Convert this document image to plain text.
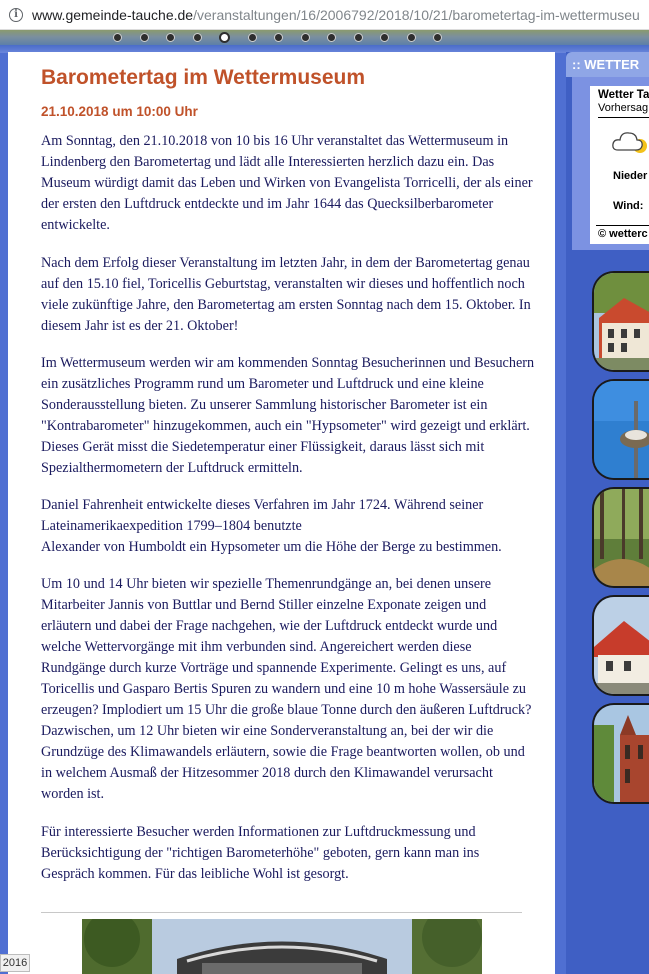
i	www.gemeinde-tauche.de/veranstaltungen/16/2006792/2018/10/21/barometertag-im-wettermuseu
Barometertag im Wettermuseum
21.10.2018 um 10:00 Uhr

Am Sonntag, den 21.10.2018 von 10 bis 16 Uhr veranstaltet das Wettermuseum in Lindenberg den Barometertag und lädt alle Interessierten herzlich dazu ein. Das Museum würdigt damit das Leben und Wirken von Evangelista Torricelli, der als einer der ersten den Luftdruck entdeckte und im Jahr 1644 das Quecksilberbarometer entwickelte.

Nach dem Erfolg dieser Veranstaltung im letzten Jahr, in dem der Barometertag genau auf den 15.10 fiel, Toricellis Geburtstag, veranstalten wir dieses und hoffentlich noch viele zukünftige Jahre, den Barometertag am ersten Sonntag nach dem 15. Oktober. In diesem Jahr ist es der 21. Oktober!

Im Wettermuseum werden wir am kommenden Sonntag Besucherinnen und Besuchern ein zusätzliches Programm rund um Barometer und Luftdruck und eine kleine Sonderausstellung bieten. Zu unserer Sammlung historischer Barometer ist ein "Kontrabarometer" hinzugekommen, auch ein "Hypsometer" wird gezeigt und erklärt. Dieses Gerät misst die Siedetemperatur einer Flüssigkeit, daraus lässt sich mit Spezialthermometern der Luftdruck ermitteln.

Daniel Fahrenheit entwickelte dieses Verfahren im Jahr 1724. Während seiner Lateinamerikaexpedition 1799–1804 benutzte
Alexander von Humboldt ein Hypsometer um die Höhe der Berge zu bestimmen.

Um 10 und 14 Uhr bieten wir spezielle Themenrundgänge an, bei denen unsere Mitarbeiter Jannis von Buttlar und Bernd Stiller einzelne Exponate zeigen und erläutern und dabei der Frage nachgehen, wie der Luftdruck entdeckt wurde und welche Wettervorgänge mit ihm verbunden sind. Angereichert werden diese Rundgänge durch kurze Vorträge und spannende Experimente. Gelingt es uns, auf Toricellis und Gasparo Bertis Spuren zu wandern und eine 10 m hohe Wassersäule zu erzeugen? Implodiert um 15 Uhr die große blaue Tonne durch den äußeren Luftdruck? Dazwischen, um 12 Uhr bieten wir eine Sonderveranstaltung an, bei der wir die Grundzüge des Klimawandels erläutern, sowie die Frage beantworten wollen, ob und in welchem Ausmaß der Hitzesommer 2018 durch den Klimawandel verursacht worden ist.

Für interessierte Besucher werden Informationen zur Luftdruckmessung und Berücksichtigung der "richtigen Barometerhöhe" geboten, gern kann man ins Gespräch kommen. Für das leibliche Wohl ist gesorgt.

:: WETTER
Wetter Ta
Vorhersag
Nieder
Wind:
© wetterc
2016
